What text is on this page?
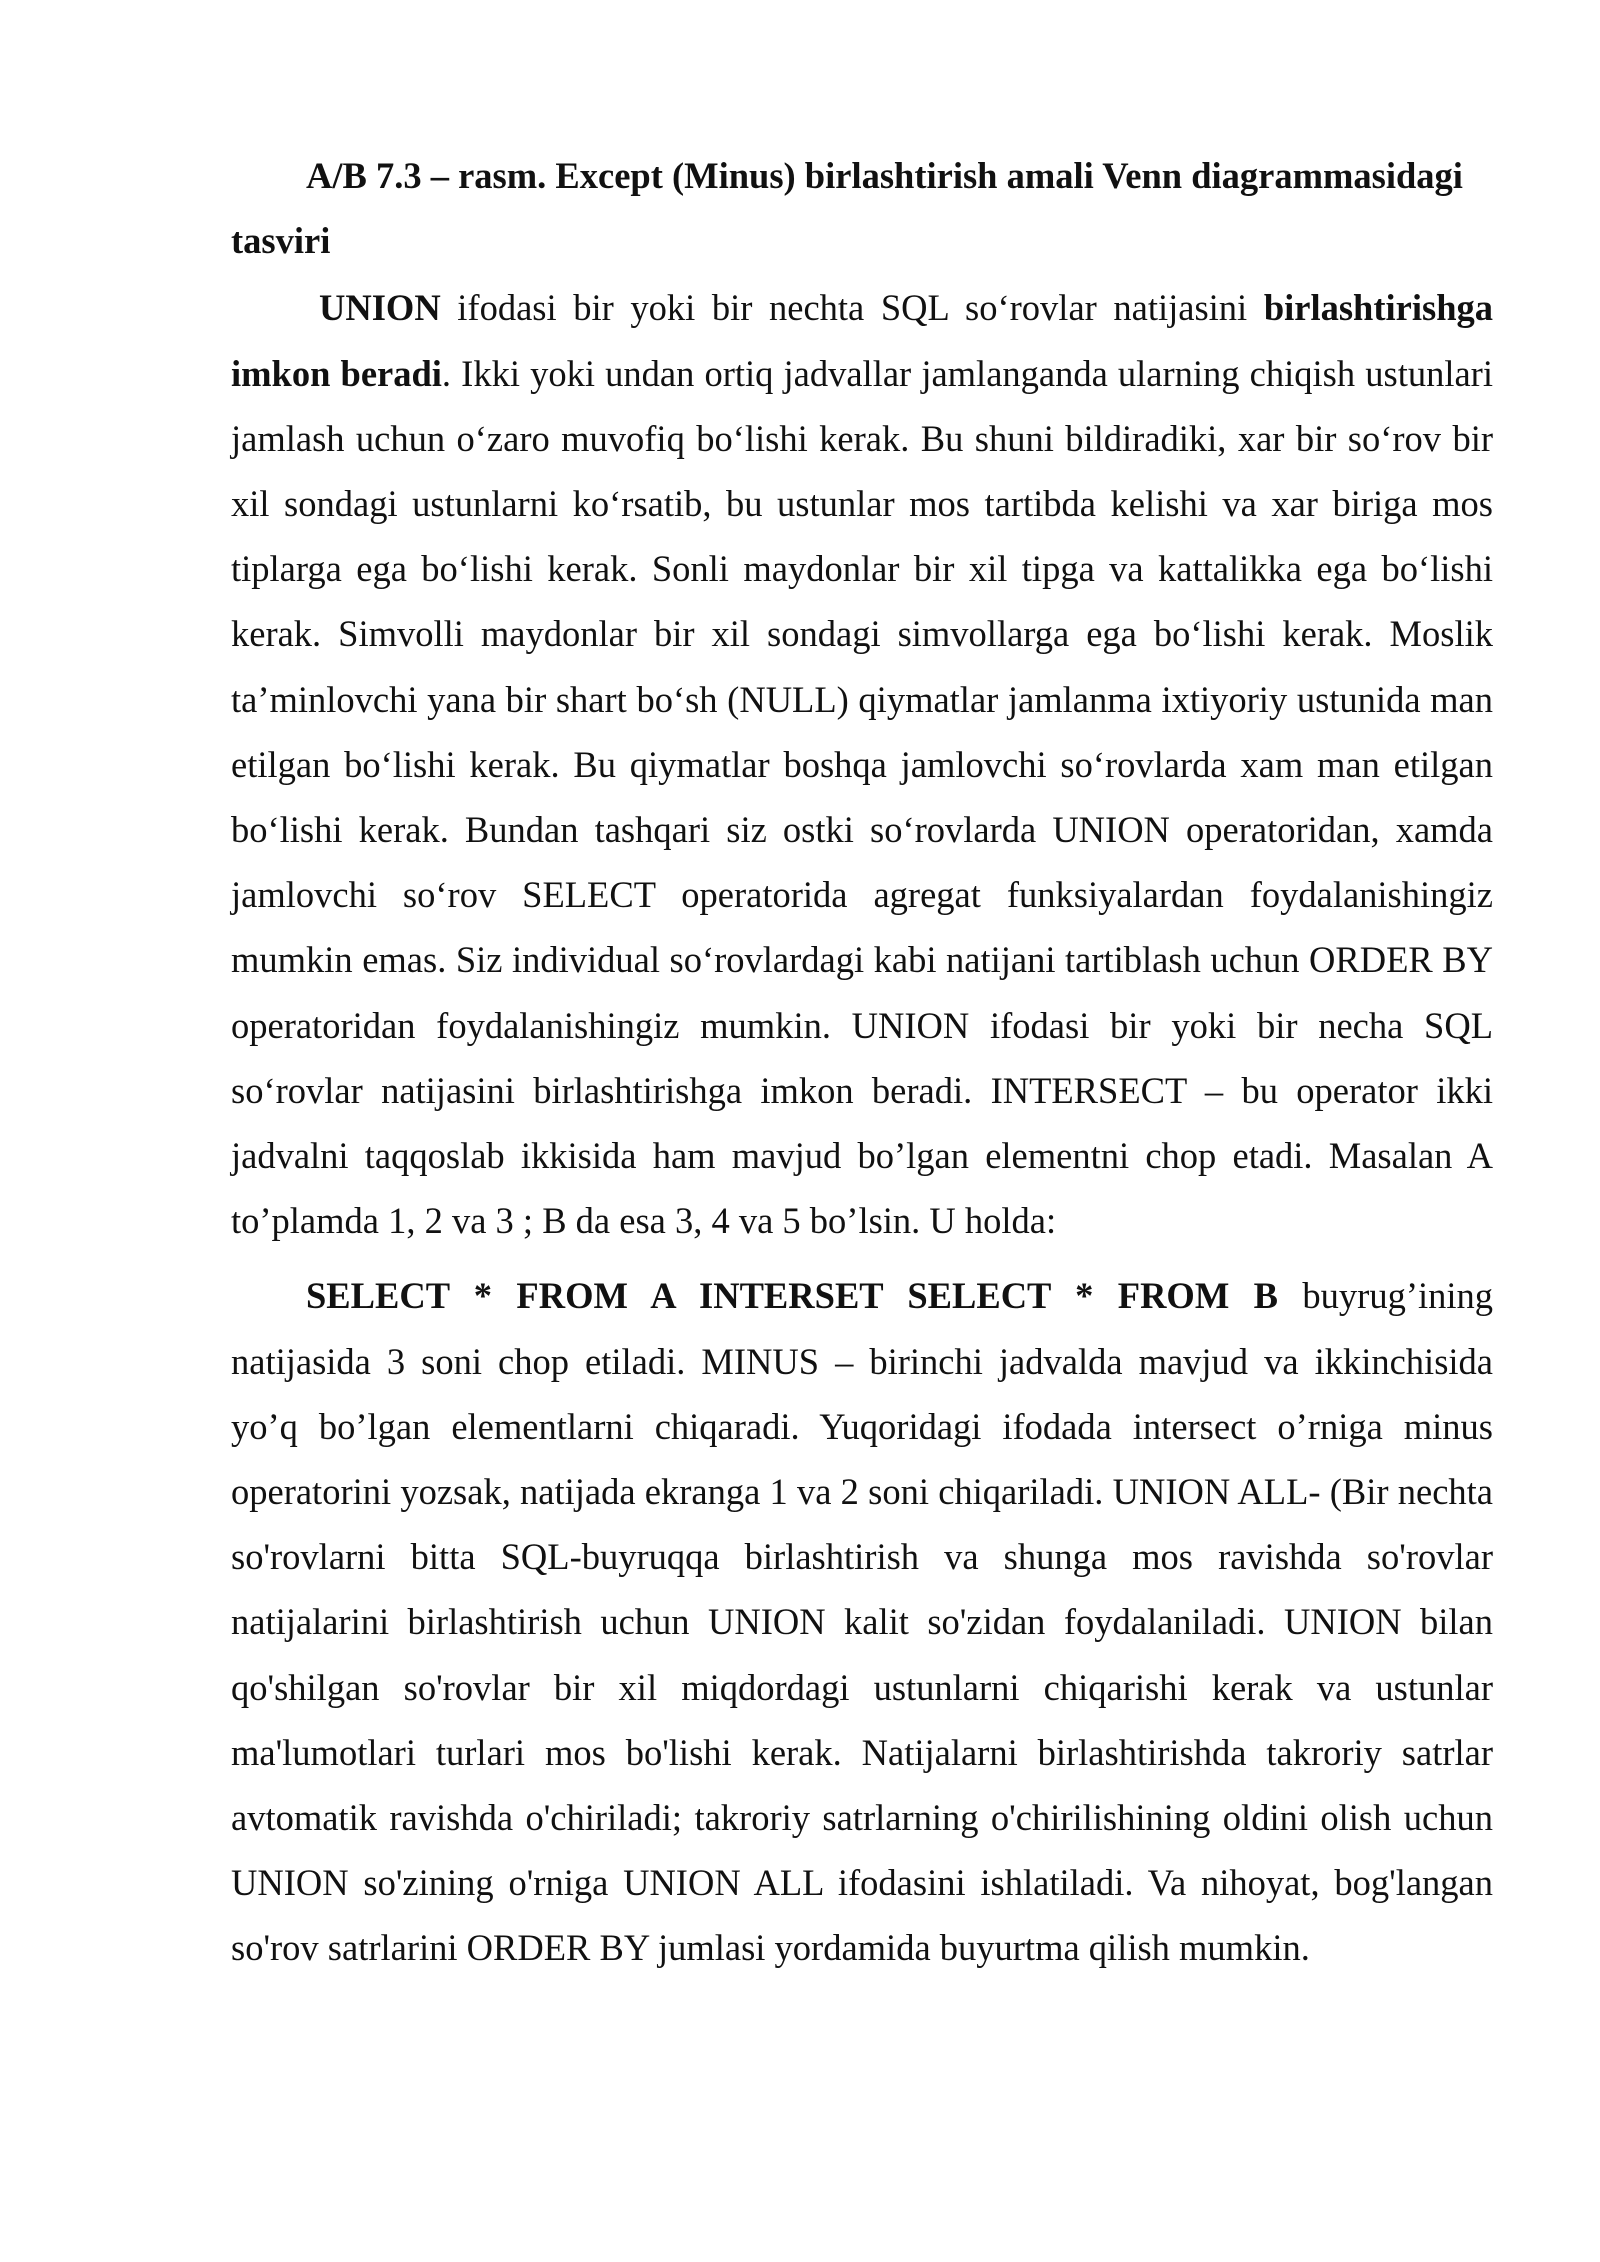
A/B 7.3 – rasm. Except (Minus) birlashtirish amali Venn diagrammasidagi tasviri

UNION ifodasi bir yoki bir nechta SQL so‘rovlar natijasini birlashtirishga imkon beradi. Ikki yoki undan ortiq jadvallar jamlanganda ularning chiqish ustunlari jamlash uchun o‘zaro muvofiq bo‘lishi kerak. Bu shuni bildiradiki, xar bir so‘rov bir xil sondagi ustunlarni ko‘rsatib, bu ustunlar mos tartibda kelishi va xar biriga mos tiplarga ega bo‘lishi kerak. Sonli maydonlar bir xil tipga va kattalikka ega bo‘lishi kerak. Simvolli maydonlar bir xil sondagi simvollarga ega bo‘lishi kerak. Moslik ta’minlovchi yana bir shart bo‘sh (NULL) qiymatlar jamlanma ixtiyoriy ustunida man etilgan bo‘lishi kerak. Bu qiymatlar boshqa jamlovchi so‘rovlarda xam man etilgan bo‘lishi kerak. Bundan tashqari siz ostki so‘rovlarda UNION operatoridan, xamda jamlovchi so‘rov SELECT operatorida agregat funksiyalardan foydalanishingiz mumkin emas. Siz individual so‘rovlardagi kabi natijani tartiblash uchun ORDER BY operatoridan foydalanishingiz mumkin. UNION ifodasi bir yoki bir necha SQL so‘rovlar natijasini birlashtirishga imkon beradi. INTERSECT – bu operator ikki jadvalni taqqoslab ikkisida ham mavjud bo’lgan elementni chop etadi. Masalan A to’plamda 1, 2 va 3 ; B da esa 3, 4 va 5 bo’lsin. U holda:

SELECT * FROM A INTERSET SELECT * FROM B buyrug’ining natijasida 3 soni chop etiladi. MINUS – birinchi jadvalda mavjud va ikkinchisida yo’q bo’lgan elementlarni chiqaradi. Yuqoridagi ifodada intersect o’rniga minus operatorini yozsak, natijada ekranga 1 va 2 soni chiqariladi. UNION ALL- (Bir nechta so'rovlarni bitta SQL-buyruqqa birlashtirish va shunga mos ravishda so'rovlar natijalarini birlashtirish uchun UNION kalit so'zidan foydalaniladi. UNION bilan qo'shilgan so'rovlar bir xil miqdordagi ustunlarni chiqarishi kerak va ustunlar ma'lumotlari turlari mos bo'lishi kerak. Natijalarni birlashtirishda takroriy satrlar avtomatik ravishda o'chiriladi; takroriy satrlarning o'chirilishining oldini olish uchun UNION so'zining o'rniga UNION ALL ifodasini ishlatiladi. Va nihoyat, bog'langan so'rov satrlarini ORDER BY jumlasi yordamida buyurtma qilish mumkin.
